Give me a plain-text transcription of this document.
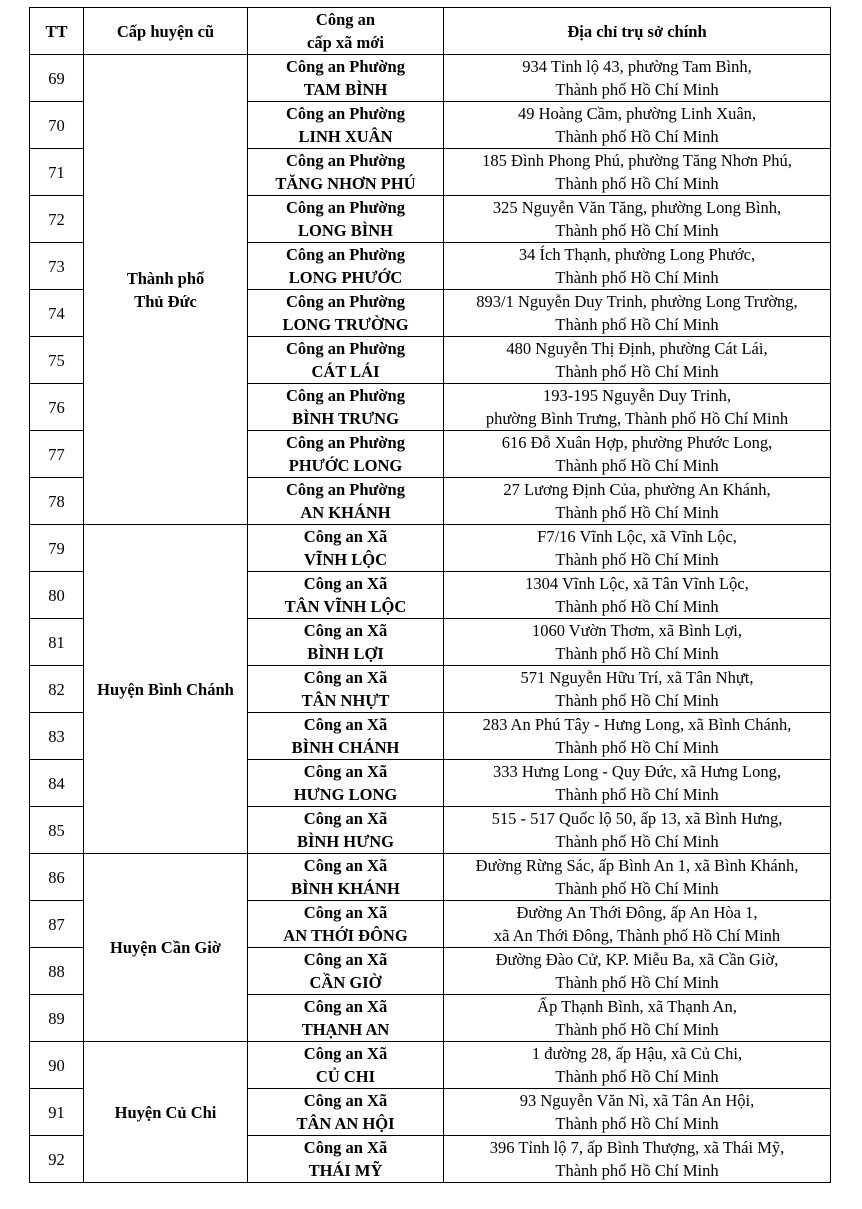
TT	Cấp huyện cũ	Công an
cấp xã mới	Địa chỉ trụ sở chính
69	Thành phố
Thủ Đức	Công an Phường
TAM BÌNH	934 Tỉnh lộ 43, phường Tam Bình,
Thành phố Hồ Chí Minh

70		Công an Phường
LINH XUÂN	49 Hoàng Cầm, phường Linh Xuân,
Thành phố Hồ Chí Minh

71		Công an Phường
TĂNG NHƠN PHÚ	185 Đình Phong Phú, phường Tăng Nhơn Phú,
Thành phố Hồ Chí Minh

72		Công an Phường
LONG BÌNH	325 Nguyễn Văn Tăng, phường Long Bình,
Thành phố Hồ Chí Minh

73		Công an Phường
LONG PHƯỚC	34 Ích Thạnh, phường Long Phước,
Thành phố Hồ Chí Minh

74		Công an Phường
LONG TRƯỜNG	893/1 Nguyễn Duy Trinh, phường Long Trường,
Thành phố Hồ Chí Minh

75		Công an Phường
CÁT LÁI	480 Nguyễn Thị Định, phường Cát Lái,
Thành phố Hồ Chí Minh

76		Công an Phường
BÌNH TRƯNG	193-195 Nguyễn Duy Trinh,
phường Bình Trưng, Thành phố Hồ Chí Minh

77		Công an Phường
PHƯỚC LONG	616 Đỗ Xuân Hợp, phường Phước Long,
Thành phố Hồ Chí Minh

78		Công an Phường
AN KHÁNH	27 Lương Định Của, phường An Khánh,
Thành phố Hồ Chí Minh

79	Huyện Bình Chánh	Công an Xã
VĨNH LỘC	F7/16 Vĩnh Lộc, xã Vĩnh Lộc,
Thành phố Hồ Chí Minh

80		Công an Xã
TÂN VĨNH LỘC	1304 Vĩnh Lộc, xã Tân Vĩnh Lộc,
Thành phố Hồ Chí Minh

81		Công an Xã
BÌNH LỢI	1060 Vườn Thơm, xã Bình Lợi,
Thành phố Hồ Chí Minh

82		Công an Xã
TÂN NHỰT	571 Nguyễn Hữu Trí, xã Tân Nhựt,
Thành phố Hồ Chí Minh

83		Công an Xã
BÌNH CHÁNH	283 An Phú Tây - Hưng Long, xã Bình Chánh,
Thành phố Hồ Chí Minh

84		Công an Xã
HƯNG LONG	333 Hưng Long - Quy Đức, xã Hưng Long,
Thành phố Hồ Chí Minh

85		Công an Xã
BÌNH HƯNG	515 - 517 Quốc lộ 50, ấp 13, xã Bình Hưng,
Thành phố Hồ Chí Minh

86	Huyện Cần Giờ	Công an Xã
BÌNH KHÁNH	Đường Rừng Sác, ấp Bình An 1, xã Bình Khánh,
Thành phố Hồ Chí Minh

87		Công an Xã
AN THỚI ĐÔNG	Đường An Thới Đông, ấp An Hòa 1,
xã An Thới Đông, Thành phố Hồ Chí Minh

88		Công an Xã
CẦN GIỜ	Đường Đào Cử, KP. Miễu Ba, xã Cần Giờ,
Thành phố Hồ Chí Minh

89		Công an Xã
THẠNH AN	Ấp Thạnh Bình, xã Thạnh An,
Thành phố Hồ Chí Minh

90	Huyện Củ Chi	Công an Xã
CỦ CHI	1 đường 28, ấp Hậu, xã Củ Chi,
Thành phố Hồ Chí Minh

91		Công an Xã
TÂN AN HỘI	93 Nguyễn Văn Nì, xã Tân An Hội,
Thành phố Hồ Chí Minh

92		Công an Xã
THÁI MỸ	396 Tỉnh lộ 7, ấp Bình Thượng, xã Thái Mỹ,
Thành phố Hồ Chí Minh
